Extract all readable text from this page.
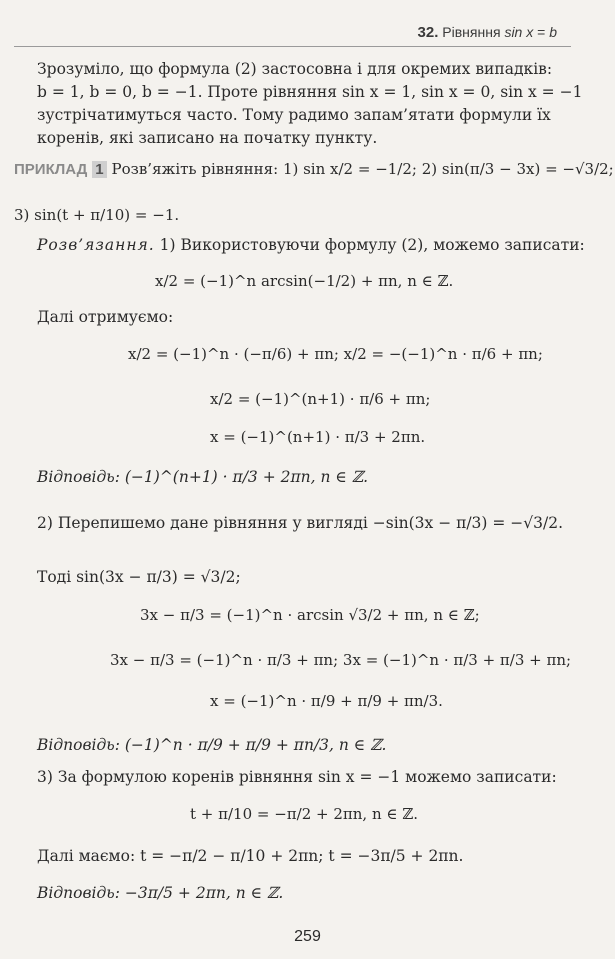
32. Рівняння sin x = b
Зрозуміло, що формула (2) застосовна і для окремих випадків:
b = 1, b = 0, b = −1. Проте рівняння sin x = 1, sin x = 0, sin x = −1
зустрічатимуться часто. Тому радимо запам’ятати формули їх
коренів, які записано на початку пункту.
ПРИКЛАД 1 Розв’яжіть рівняння: 1) sin x/2 = −1/2; 2) sin(π/3 − 3x) = −√3/2;
3) sin(t + π/10) = −1.
Розв’язання. 1) Використовуючи формулу (2), можемо записати:
x/2 = (−1)^n arcsin(−1/2) + πn, n ∈ ℤ.
Далі отримуємо:
x/2 = (−1)^n · (−π/6) + πn; x/2 = −(−1)^n · π/6 + πn;
x/2 = (−1)^(n+1) · π/6 + πn;
x = (−1)^(n+1) · π/3 + 2πn.
Відповідь: (−1)^(n+1) · π/3 + 2πn, n ∈ ℤ.
2) Перепишемо дане рівняння у вигляді −sin(3x − π/3) = −√3/2.
Тоді sin(3x − π/3) = √3/2;
3x − π/3 = (−1)^n · arcsin √3/2 + πn, n ∈ ℤ;
3x − π/3 = (−1)^n · π/3 + πn; 3x = (−1)^n · π/3 + π/3 + πn;
x = (−1)^n · π/9 + π/9 + πn/3.
Відповідь: (−1)^n · π/9 + π/9 + πn/3, n ∈ ℤ.
3) За формулою коренів рівняння sin x = −1 можемо записати:
t + π/10 = −π/2 + 2πn, n ∈ ℤ.
Далі маємо: t = −π/2 − π/10 + 2πn; t = −3π/5 + 2πn.
Відповідь: −3π/5 + 2πn, n ∈ ℤ.
259
